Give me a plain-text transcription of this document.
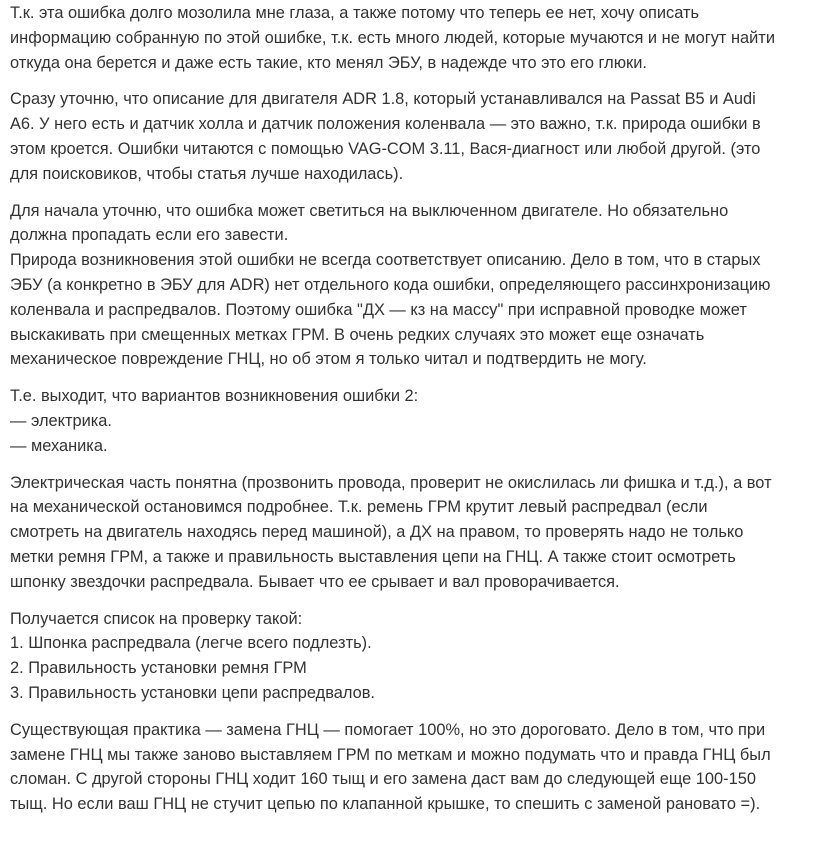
Т.к. эта ошибка долго мозолила мне глаза, а также потому что теперь ее нет, хочу описать
информацию собранную по этой ошибке, т.к. есть много людей, которые мучаются и не могут найти
откуда она берется и даже есть такие, кто менял ЭБУ, в надежде что это его глюки.

Сразу уточню, что описание для двигателя ADR 1.8, который устанавливался на Passat B5 и Audi
A6. У него есть и датчик холла и датчик положения коленвала — это важно, т.к. природа ошибки в
этом кроется. Ошибки читаются с помощью VAG-COM 3.11, Вася-диагност или любой другой. (это
для поисковиков, чтобы статья лучше находилась).

Для начала уточню, что ошибка может светиться на выключенном двигателе. Но обязательно
должна пропадать если его завести.
Природа возникновения этой ошибки не всегда соответствует описанию. Дело в том, что в старых
ЭБУ (а конкретно в ЭБУ для ADR) нет отдельного кода ошибки, определяющего рассинхронизацию
коленвала и распредвалов. Поэтому ошибка "ДХ — кз на массу" при исправной проводке может
выскакивать при смещенных метках ГРМ. В очень редких случаях это может еще означать
механическое повреждение ГНЦ, но об этом я только читал и подтвердить не могу.

Т.е. выходит, что вариантов возникновения ошибки 2:
— электрика.
— механика.

Электрическая часть понятна (прозвонить провода, проверит не окислилась ли фишка и т.д.), а вот
на механической остановимся подробнее. Т.к. ремень ГРМ крутит левый распредвал (если
смотреть на двигатель находясь перед машиной), а ДХ на правом, то проверять надо не только
метки ремня ГРМ, а также и правильность выставления цепи на ГНЦ. А также стоит осмотреть
шпонку звездочки распредвала. Бывает что ее срывает и вал проворачивается.

Получается список на проверку такой:
1. Шпонка распредвала (легче всего подлезть).
2. Правильность установки ремня ГРМ
3. Правильность установки цепи распредвалов.

Существующая практика — замена ГНЦ — помогает 100%, но это дороговато. Дело в том, что при
замене ГНЦ мы также заново выставляем ГРМ по меткам и можно подумать что и правда ГНЦ был
сломан. С другой стороны ГНЦ ходит 160 тыщ и его замена даст вам до следующей еще 100-150
тыщ. Но если ваш ГНЦ не стучит цепью по клапанной крышке, то спешить с заменой рановато =).
